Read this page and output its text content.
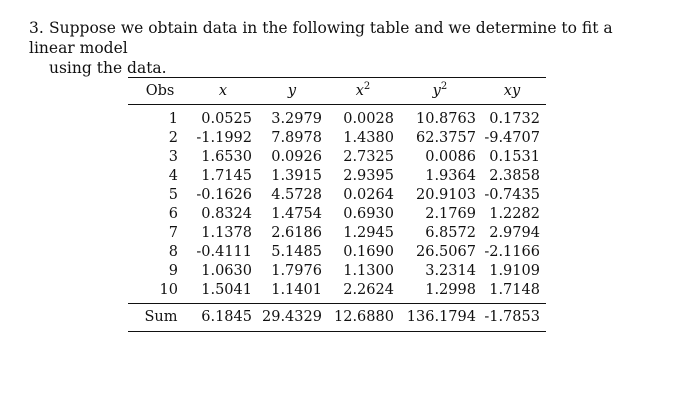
3. Suppose we obtain data in the following table and we determine to fit a linear model
using the data.
Obs	x	y	$x^2$	$y^2$	xy
1	0.0525	3.2979	0.0028	10.8763	0.1732
2	-1.1992	7.8978	1.4380	62.3757	-9.4707
3	1.6530	0.0926	2.7325	0.0086	0.1531
4	1.7145	1.3915	2.9395	1.9364	2.3858
5	-0.1626	4.5728	0.0264	20.9103	-0.7435
6	0.8324	1.4754	0.6930	2.1769	1.2282
7	1.1378	2.6186	1.2945	6.8572	2.9794
8	-0.4111	5.1485	0.1690	26.5067	-2.1166
9	1.0630	1.7976	1.1300	3.2314	1.9109
10	1.5041	1.1401	2.2624	1.2998	1.7148
Sum	6.1845	29.4329	12.6880	136.1794	-1.7853
